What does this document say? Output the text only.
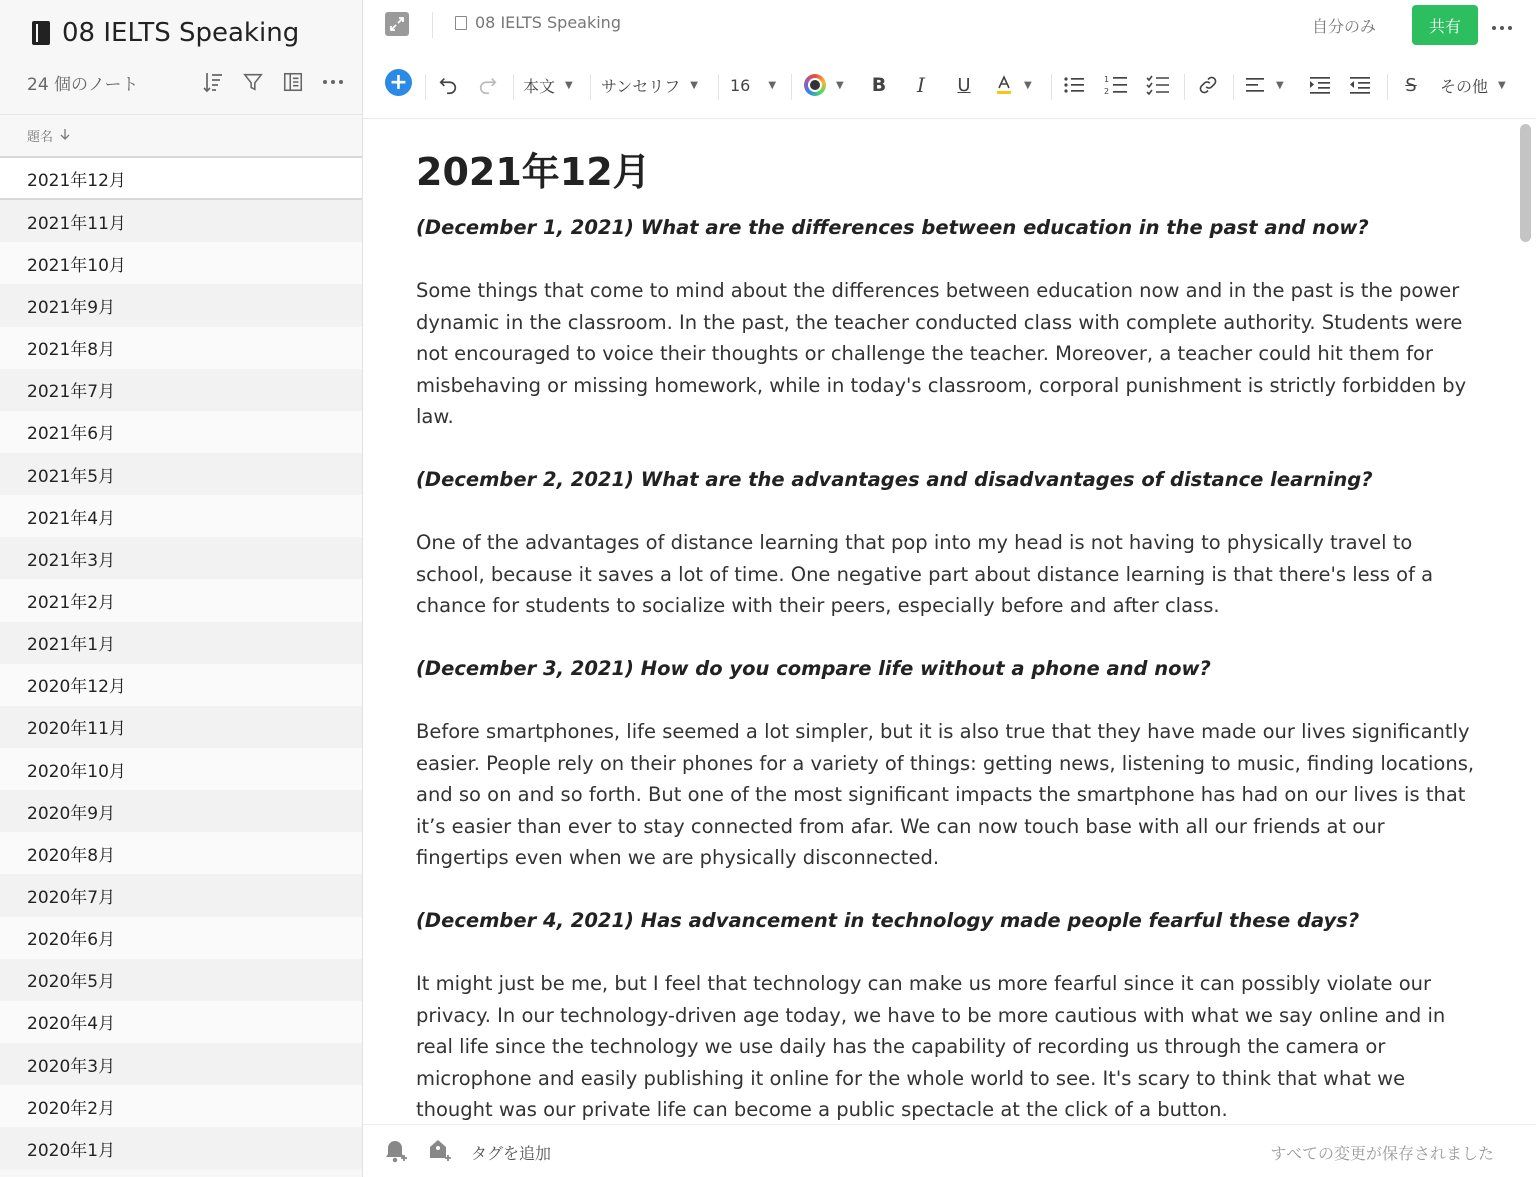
08 IELTS Speaking
24 個のノート
題名
2021年12月
2021年11月
2021年10月
2021年9月
2021年8月
2021年7月
2021年6月
2021年5月
2021年4月
2021年3月
2021年2月
2021年1月
2020年12月
2020年11月
2020年10月
2020年9月
2020年8月
2020年7月
2020年6月
2020年5月
2020年4月
2020年3月
2020年2月
2020年1月
08 IELTS Speaking	自分のみ	共有
+	本文 ▼ サンセリフ ▼ 16 ▼	▼ B	I	U	▼	1
2
▼	S	その他 ▼
2021年12月
(December 1, 2021) What are the differences between education in the past and now?

Some things that come to mind about the differences between education now and in the past is the power dynamic in the classroom. In the past, the teacher conducted class with complete authority. Students were not encouraged to voice their thoughts or challenge the teacher. Moreover, a teacher could hit them for misbehaving or missing homework, while in today's classroom, corporal punishment is strictly forbidden by law.

(December 2, 2021) What are the advantages and disadvantages of distance learning?

One of the advantages of distance learning that pop into my head is not having to physically travel to school, because it saves a lot of time. One negative part about distance learning is that there's less of a chance for students to socialize with their peers, especially before and after class.

(December 3, 2021) How do you compare life without a phone and now?

Before smartphones, life seemed a lot simpler, but it is also true that they have made our lives significantly easier. People rely on their phones for a variety of things: getting news, listening to music, finding locations, and so on and so forth. But one of the most significant impacts the smartphone has had on our lives is that it’s easier than ever to stay connected from afar. We can now touch base with all our friends at our fingertips even when we are physically disconnected.

(December 4, 2021) Has advancement in technology made people fearful these days?

It might just be me, but I feel that technology can make us more fearful since it can possibly violate our privacy. In our technology-driven age today, we have to be more cautious with what we say online and in real life since the technology we use daily has the capability of recording us through the camera or microphone and easily publishing it online for the whole world to see. It's scary to think that what we thought was our private life can become a public spectacle at the click of a button.

タグを追加	すべての変更が保存されました
